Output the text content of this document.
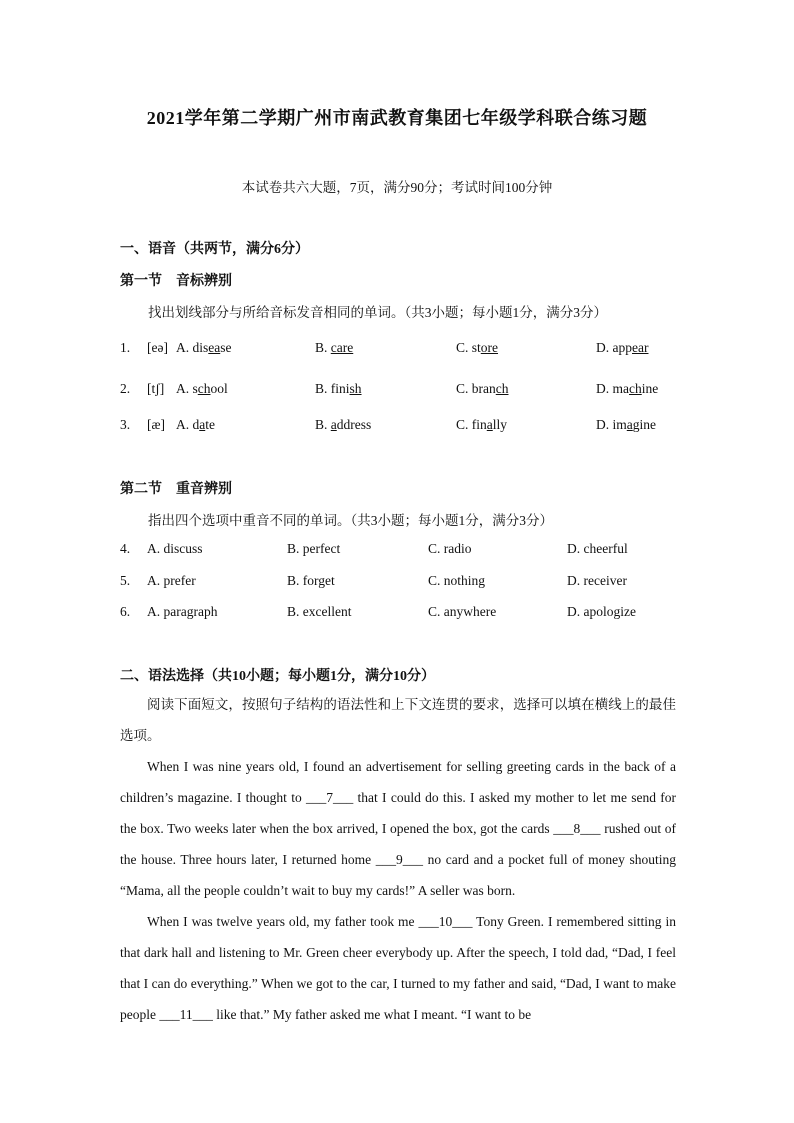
2021学年第二学期广州市南武教育集团七年级学科联合练习题
本试卷共六大题，7页，满分90分；考试时间100分钟
一、语音（共两节，满分6分）
第一节　音标辨别
找出划线部分与所给音标发音相同的单词。（共3小题；每小题1分，满分3分）
1. [eə] A. disease	B. care	C. store	D. appear
2. [tʃ] A. school	B. finish	C. branch	D. machine
3. [æ] A. date	B. address	C. finally	D. imagine
第二节　重音辨别
指出四个选项中重音不同的单词。（共3小题；每小题1分，满分3分）
4. A. discuss	B. perfect	C. radio	D. cheerful
5. A. prefer	B. forget	C. nothing	D. receiver
6. A. paragraph	B. excellent	C. anywhere	D. apologize
二、语法选择（共10小题；每小题1分，满分10分）

阅读下面短文，按照句子结构的语法性和上下文连贯的要求，选择可以填在横线上的最佳选项。

When I was nine years old, I found an advertisement for selling greeting cards in the back of a children’s magazine. I thought to ___7___ that I could do this. I asked my mother to let me send for the box. Two weeks later when the box arrived, I opened the box, got the cards ___8___ rushed out of the house. Three hours later, I returned home ___9___ no card and a pocket full of money shouting “Mama, all the people couldn’t wait to buy my cards!” A seller was born.

When I was twelve years old, my father took me ___10___ Tony Green. I remembered sitting in that dark hall and listening to Mr. Green cheer everybody up. After the speech, I told dad, “Dad, I feel that I can do everything.” When we got to the car, I turned to my father and said, “Dad, I want to make people ___11___ like that.” My father asked me what I meant. “I want to be
